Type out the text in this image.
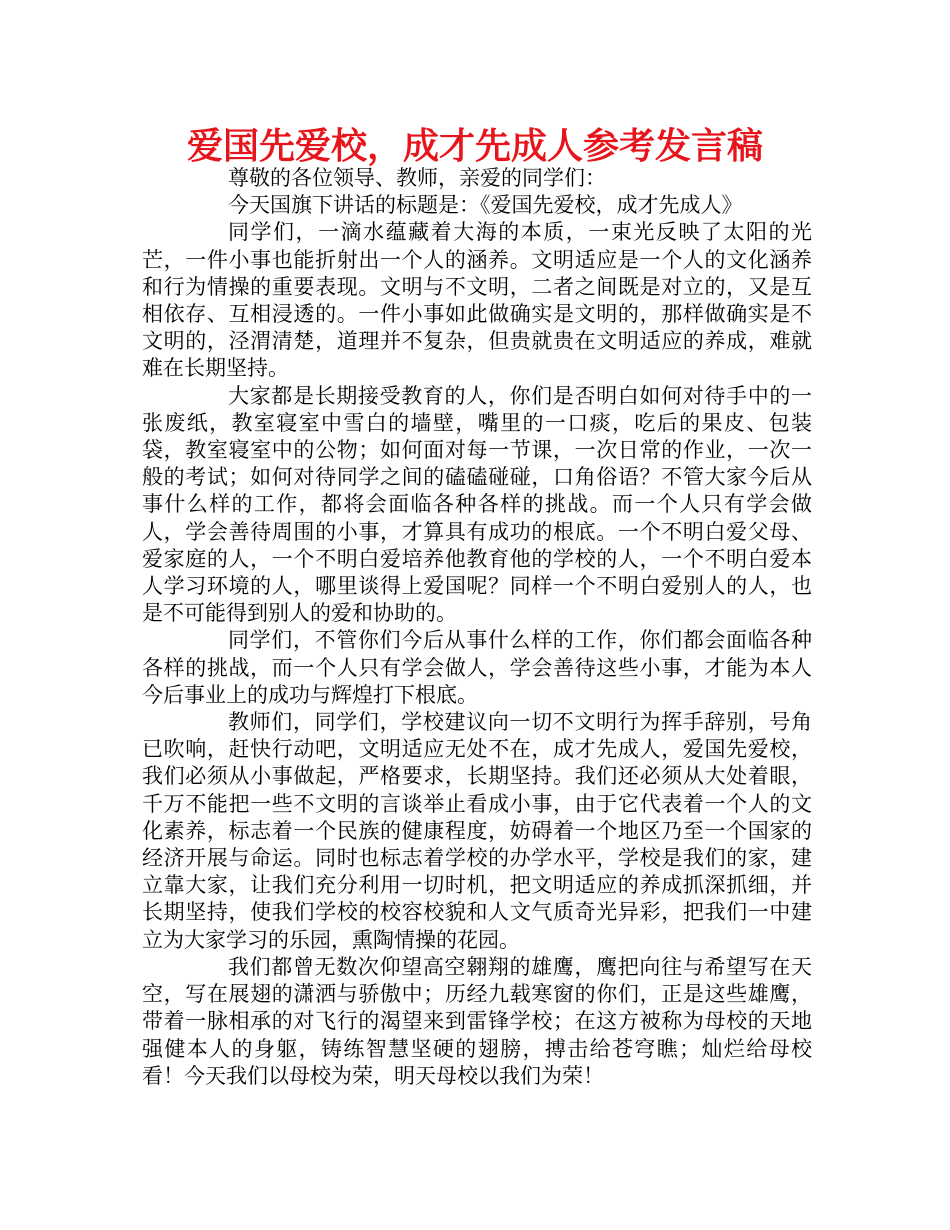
爱国先爱校，成才先成人参考发言稿

尊敬的各位领导、教师，亲爱的同学们：

今天国旗下讲话的标题是：《爱国先爱校，成才先成人》

同学们，一滴水蕴藏着大海的本质，一束光反映了太阳的光芒，一件小事也能折射出一个人的涵养。文明适应是一个人的文化涵养和行为情操的重要表现。文明与不文明，二者之间既是对立的，又是互相依存、互相浸透的。一件小事如此做确实是文明的，那样做确实是不文明的，泾渭清楚，道理并不复杂，但贵就贵在文明适应的养成，难就难在长期坚持。

大家都是长期接受教育的人，你们是否明白如何对待手中的一张废纸，教室寝室中雪白的墙壁，嘴里的一口痰，吃后的果皮、包装袋，教室寝室中的公物；如何面对每一节课，一次日常的作业，一次一般的考试；如何对待同学之间的磕磕碰碰，口角俗语？不管大家今后从事什么样的工作，都将会面临各种各样的挑战。而一个人只有学会做人，学会善待周围的小事，才算具有成功的根底。一个不明白爱父母、爱家庭的人，一个不明白爱培养他教育他的学校的人，一个不明白爱本人学习环境的人，哪里谈得上爱国呢？同样一个不明白爱别人的人，也是不可能得到别人的爱和协助的。

同学们，不管你们今后从事什么样的工作，你们都会面临各种各样的挑战，而一个人只有学会做人，学会善待这些小事，才能为本人今后事业上的成功与辉煌打下根底。

教师们，同学们，学校建议向一切不文明行为挥手辞别，号角已吹响，赶快行动吧，文明适应无处不在，成才先成人，爱国先爱校，我们必须从小事做起，严格要求，长期坚持。我们还必须从大处着眼，千万不能把一些不文明的言谈举止看成小事，由于它代表着一个人的文化素养，标志着一个民族的健康程度，妨碍着一个地区乃至一个国家的经济开展与命运。同时也标志着学校的办学水平，学校是我们的家，建立靠大家，让我们充分利用一切时机，把文明适应的养成抓深抓细，并长期坚持，使我们学校的校容校貌和人文气质奇光异彩，把我们一中建立为大家学习的乐园，熏陶情操的花园。

我们都曾无数次仰望高空翱翔的雄鹰，鹰把向往与希望写在天空，写在展翅的潇洒与骄傲中；历经九载寒窗的你们，正是这些雄鹰，带着一脉相承的对飞行的渴望来到雷锋学校；在这方被称为母校的天地强健本人的身躯，铸练智慧坚硬的翅膀，搏击给苍穹瞧；灿烂给母校看！今天我们以母校为荣，明天母校以我们为荣！
